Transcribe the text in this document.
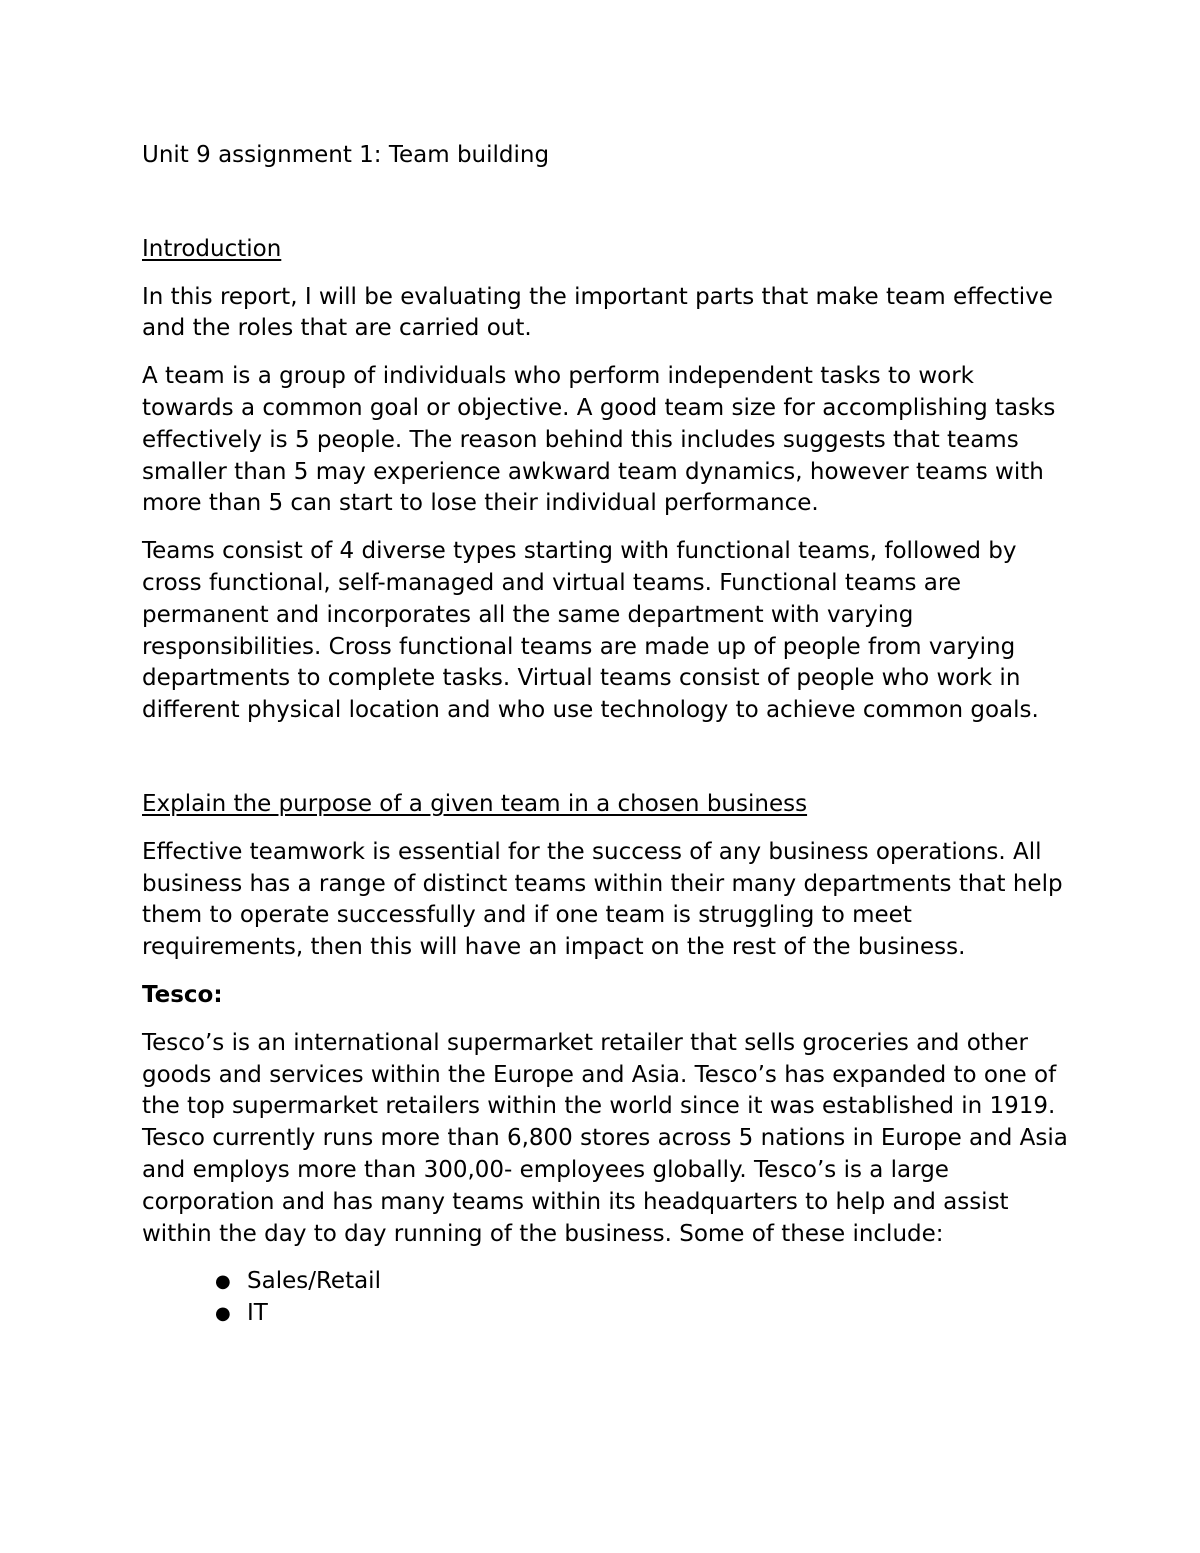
Unit 9 assignment 1: Team building
Introduction
In this report, I will be evaluating the important parts that make team effective and the roles that are carried out.
A team is a group of individuals who perform independent tasks to work towards a common goal or objective. A good team size for accomplishing tasks effectively is 5 people. The reason behind this includes suggests that teams smaller than 5 may experience awkward team dynamics, however teams with more than 5 can start to lose their individual performance.
Teams consist of 4 diverse types starting with functional teams, followed by cross functional, self-managed and virtual teams. Functional teams are permanent and incorporates all the same department with varying responsibilities. Cross functional teams are made up of people from varying departments to complete tasks. Virtual teams consist of people who work in different physical location and who use technology to achieve common goals.
Explain the purpose of a given team in a chosen business
Effective teamwork is essential for the success of any business operations. All business has a range of distinct teams within their many departments that help them to operate successfully and if one team is struggling to meet requirements, then this will have an impact on the rest of the business.
Tesco:
Tesco’s is an international supermarket retailer that sells groceries and other goods and services within the Europe and Asia. Tesco’s has expanded to one of the top supermarket retailers within the world since it was established in 1919. Tesco currently runs more than 6,800 stores across 5 nations in Europe and Asia and employs more than 300,00- employees globally. Tesco’s is a large corporation and has many teams within its headquarters to help and assist within the day to day running of the business. Some of these include:
● Sales/Retail
● IT
